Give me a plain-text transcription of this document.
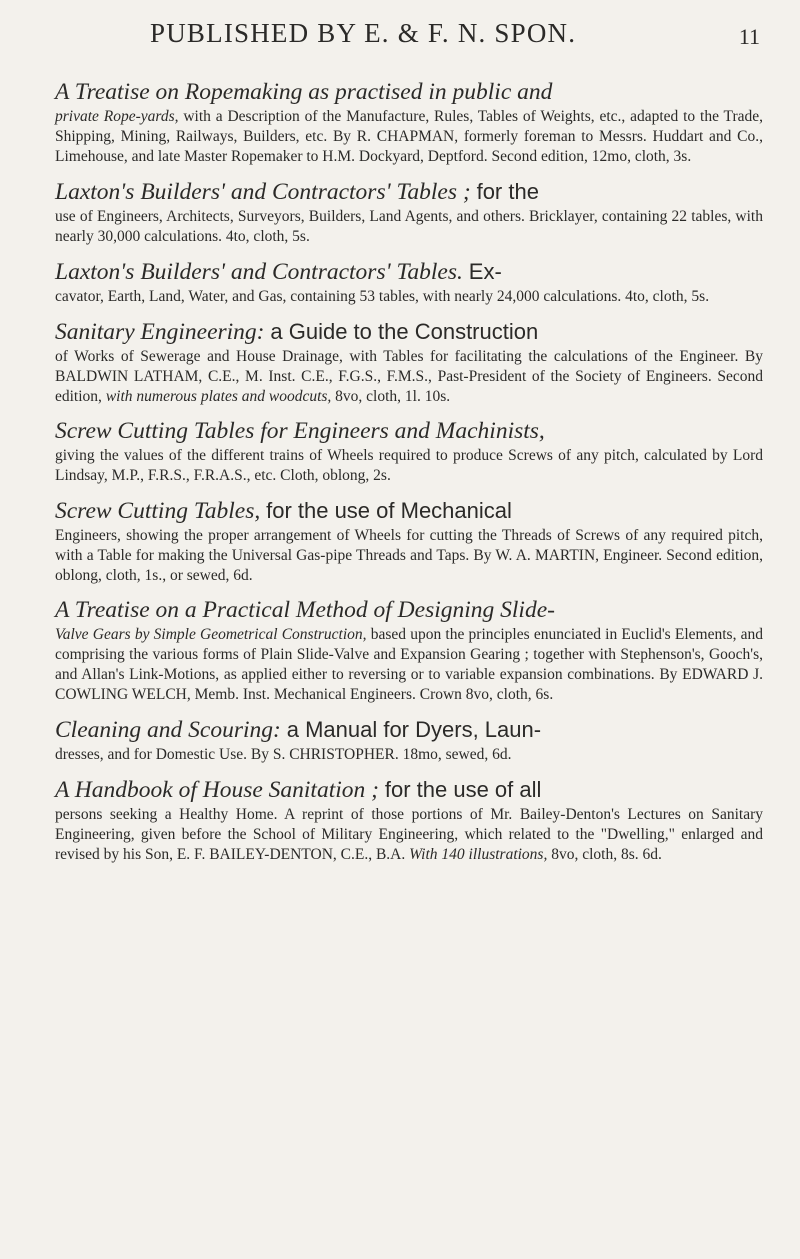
PUBLISHED BY E. & F. N. SPON.	11

A Treatise on Ropemaking as practised in public and

private Rope-yards, with a Description of the Manufacture, Rules, Tables of Weights, etc., adapted to the Trade, Shipping, Mining, Railways, Builders, etc. By R. CHAPMAN, formerly foreman to Messrs. Huddart and Co., Limehouse, and late Master Ropemaker to H.M. Dockyard, Deptford. Second edition, 12mo, cloth, 3s.

Laxton's Builders' and Contractors' Tables ; for the

use of Engineers, Architects, Surveyors, Builders, Land Agents, and others. Bricklayer, containing 22 tables, with nearly 30,000 calculations. 4to, cloth, 5s.

Laxton's Builders' and Contractors' Tables. Ex-

cavator, Earth, Land, Water, and Gas, containing 53 tables, with nearly 24,000 calculations. 4to, cloth, 5s.

Sanitary Engineering: a Guide to the Construction

of Works of Sewerage and House Drainage, with Tables for facilitating the calculations of the Engineer. By BALDWIN LATHAM, C.E., M. Inst. C.E., F.G.S., F.M.S., Past-President of the Society of Engineers. Second edition, with numerous plates and woodcuts, 8vo, cloth, 1l. 10s.

Screw Cutting Tables for Engineers and Machinists,

giving the values of the different trains of Wheels required to produce Screws of any pitch, calculated by Lord Lindsay, M.P., F.R.S., F.R.A.S., etc. Cloth, oblong, 2s.

Screw Cutting Tables, for the use of Mechanical

Engineers, showing the proper arrangement of Wheels for cutting the Threads of Screws of any required pitch, with a Table for making the Universal Gas-pipe Threads and Taps. By W. A. MARTIN, Engineer. Second edition, oblong, cloth, 1s., or sewed, 6d.

A Treatise on a Practical Method of Designing Slide-

Valve Gears by Simple Geometrical Construction, based upon the principles enunciated in Euclid's Elements, and comprising the various forms of Plain Slide-Valve and Expansion Gearing ; together with Stephenson's, Gooch's, and Allan's Link-Motions, as applied either to reversing or to variable expansion combinations. By EDWARD J. COWLING WELCH, Memb. Inst. Mechanical Engineers. Crown 8vo, cloth, 6s.

Cleaning and Scouring: a Manual for Dyers, Laun-

dresses, and for Domestic Use. By S. CHRISTOPHER. 18mo, sewed, 6d.

A Handbook of House Sanitation ; for the use of all

persons seeking a Healthy Home. A reprint of those portions of Mr. Bailey-Denton's Lectures on Sanitary Engineering, given before the School of Military Engineering, which related to the "Dwelling," enlarged and revised by his Son, E. F. BAILEY-DENTON, C.E., B.A. With 140 illustrations, 8vo, cloth, 8s. 6d.
